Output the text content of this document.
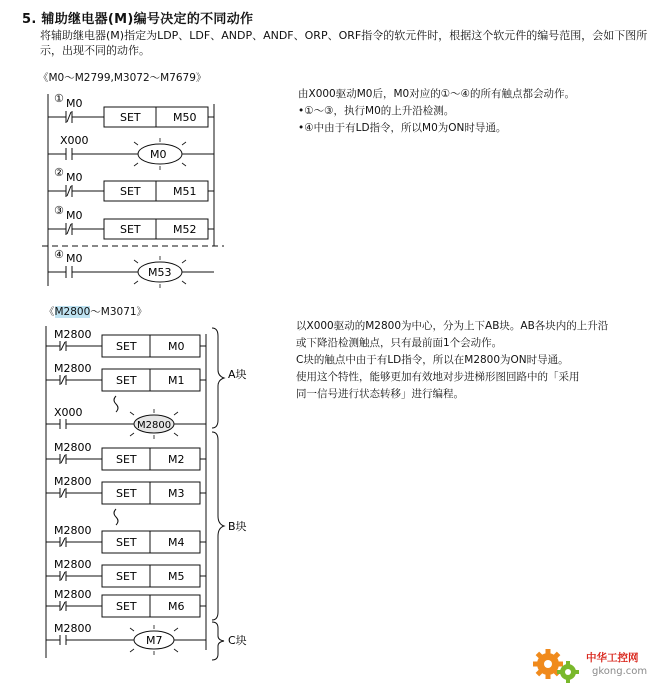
5. 辅助继电器(M)编号决定的不同动作
将辅助继电器(M)指定为LDP、LDF、ANDP、ANDF、ORP、ORF指令的软元件时，根据这个软元件的编号范围，会如下图所示，出现不同的动作。
《M0～M2799,M3072～M7679》
① M0
SET	M50
X000
M0
② M0
SET	M51
③ M0
SET	M52
④ M0
M53
由X000驱动M0后，M0对应的①～④的所有触点都会动作。
•①～③，执行M0的上升沿检测。
•④中由于有LD指令，所以M0为ON时导通。
《M2800～M3071》
M2800
SET	M0
M2800
SET	M1
X000
M2800
M2800
SET	M2
M2800
SET	M3
M2800
SET	M4
M2800
SET	M5
M2800
SET	M6
M2800
M7
A块
B块
C块
以X000驱动的M2800为中心，分为上下AB块。AB各块内的上升沿
或下降沿检测触点，只有最前面1个会动作。
C块的触点中由于有LD指令，所以在M2800为ON时导通。
使用这个特性，能够更加有效地对步进梯形图回路中的「采用
同一信号进行状态转移」进行编程。
中华工控网
gkong.com
